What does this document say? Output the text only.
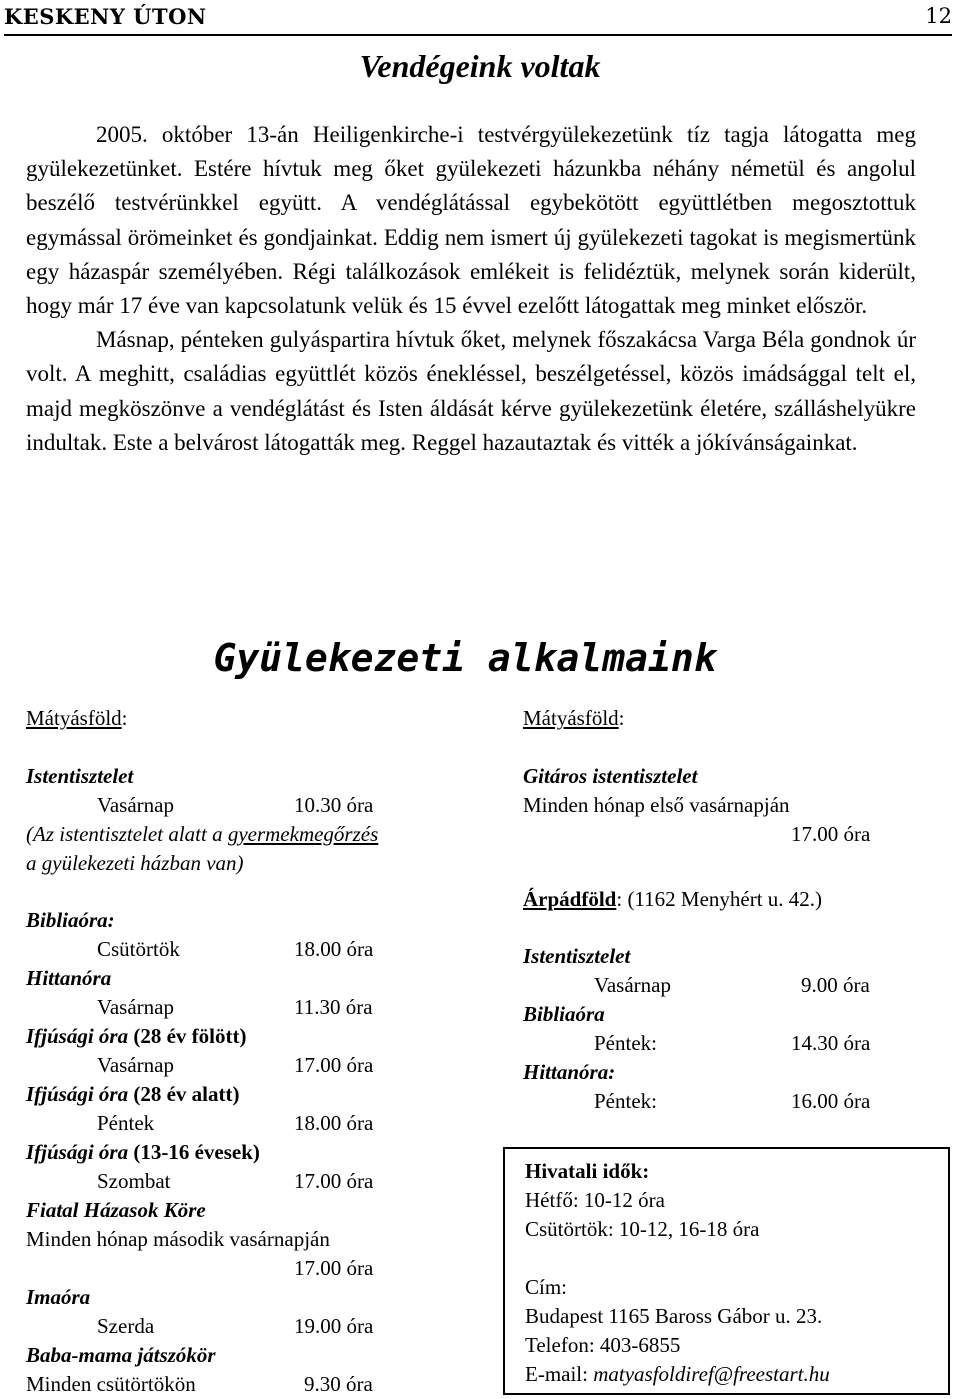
KESKENY ÚTON	12
Vendégeink voltak

2005. október 13-án Heiligenkirche-i testvérgyülekezetünk tíz tagja látogatta meg gyülekezetünket. Estére hívtuk meg őket gyülekezeti házunkba néhány németül és angolul beszélő testvérünkkel együtt. A vendéglátással egybekötött együttlétben megosztottuk egymással örömeinket és gondjainkat. Eddig nem ismert új gyülekezeti tagokat is megismertünk egy házaspár személyében. Régi találkozások emlékeit is felidéztük, melynek során kiderült, hogy már 17 éve van kapcsolatunk velük és 15 évvel ezelőtt látogattak meg minket először.

Másnap, pénteken gulyáspartira hívtuk őket, melynek főszakácsa Varga Béla gondnok úr volt. A meghitt, családias együttlét közös énekléssel, beszélgetéssel, közös imádsággal telt el, majd megköszönve a vendéglátást és Isten áldását kérve gyülekezetünk életére, szálláshelyükre indultak. Este a belvárost látogatták meg. Reggel hazautaztak és vitték a jókívánságainkat.

Gyülekezeti alkalmaink
Mátyásföld:
Istentisztelet
Vasárnap	10.30 óra
(Az istentisztelet alatt a gyermekmegőrzés
a gyülekezeti házban van)
Bibliaóra:
Csütörtök	18.00 óra
Hittanóra
Vasárnap	11.30 óra
Ifjúsági óra (28 év fölött)
Vasárnap	17.00 óra
Ifjúsági óra (28 év alatt)
Péntek	18.00 óra
Ifjúsági óra (13-16 évesek)
Szombat	17.00 óra
Fiatal Házasok Köre
Minden hónap második vasárnapján
17.00 óra
Imaóra
Szerda	19.00 óra
Baba-mama játszókör
Minden csütörtökön	9.30 óra
Mátyásföld:
Gitáros istentisztelet
Minden hónap első vasárnapján
17.00 óra
Árpádföld: (1162 Menyhért u. 42.)
Istentisztelet
Vasárnap	9.00 óra
Bibliaóra
Péntek:	14.30 óra
Hittanóra:
Péntek:	16.00 óra
Hivatali idők:
Hétfő: 10-12 óra
Csütörtök: 10-12, 16-18 óra
Cím:
Budapest 1165 Baross Gábor u. 23.
Telefon: 403-6855
E-mail: matyasfoldiref@freestart.hu
